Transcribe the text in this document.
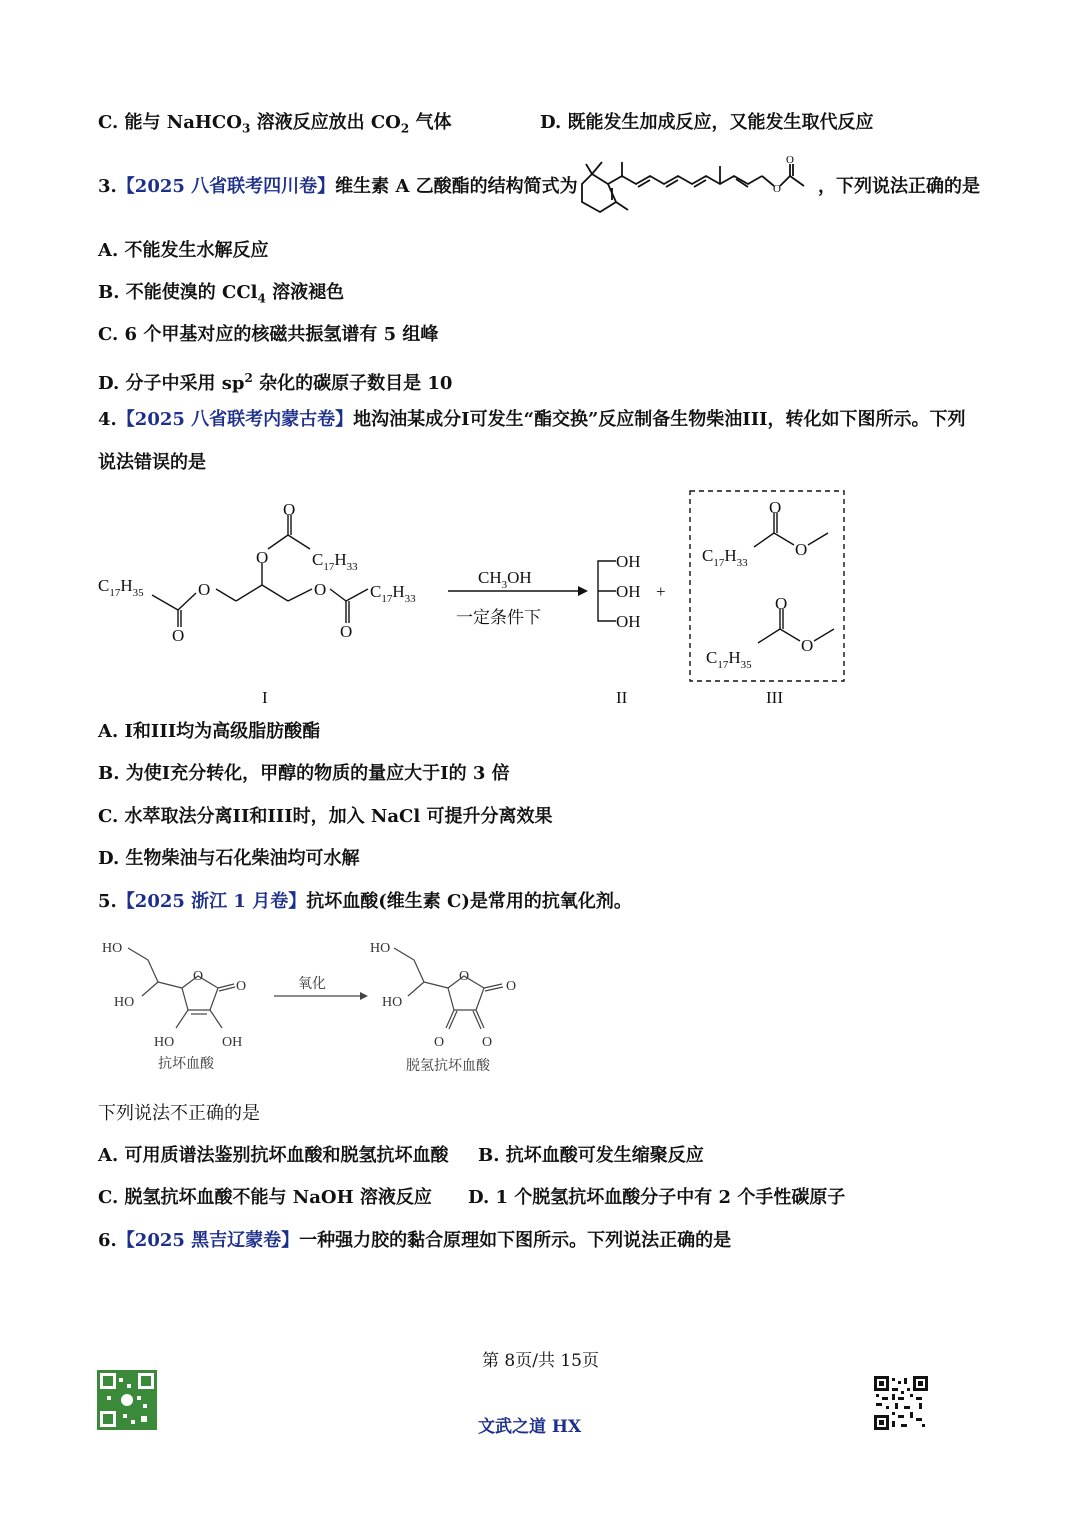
C. 能与 NaHCO$_3$ 溶液反应放出 $CO_2$ 气体	D. 既能发生加成反应，又能发生取代反应
3.【2025 八省联考四川卷】维生素 A 乙酸酯的结构简式为	O
O
，下列说法正确的是
A. 不能发生水解反应
B. 不能使溴的 CCl$_4$ 溶液褪色
C. 6 个甲基对应的核磁共振氢谱有 5 组峰
D. 分子中采用 $sp^2$ 杂化的碳原子数目是 10
4.【2025 八省联考内蒙古卷】地沟油某成分I可发生“酯交换”反应制备生物柴油III，转化如下图所示。下列
说法错误的是
$C_{17}H_{35}$
O
O
O
O
$C_{17}H_{33}$
O
O
$C_{17}H_{33}$
$CH_3OH$
一定条件下
OH
OH
OH
+
$C_{17}H_{33}$
O
O
$C_{17}H_{35}$
O
O
I	II	III
A. I和III均为高级脂肪酸酯
B. 为使I充分转化，甲醇的物质的量应大于I的 3 倍
C. 水萃取法分离II和III时，加入 NaCl 可提升分离效果
D. 生物柴油与石化柴油均可水解
5.【2025 浙江 1 月卷】抗坏血酸(维生素 C)是常用的抗氧化剂。
HO
HO
O
O
HO	OH
抗坏血酸
氧化
HO
HO
O
O
O	O
脱氢抗坏血酸
下列说法不正确的是
A. 可用质谱法鉴别抗坏血酸和脱氢抗坏血酸 B. 抗坏血酸可发生缩聚反应
C. 脱氢抗坏血酸不能与 NaOH 溶液反应 D. 1 个脱氢抗坏血酸分子中有 2 个手性碳原子
6.【2025 黑吉辽蒙卷】一种强力胶的黏合原理如下图所示。下列说法正确的是
第 8页/共 15页
文武之道 HX
